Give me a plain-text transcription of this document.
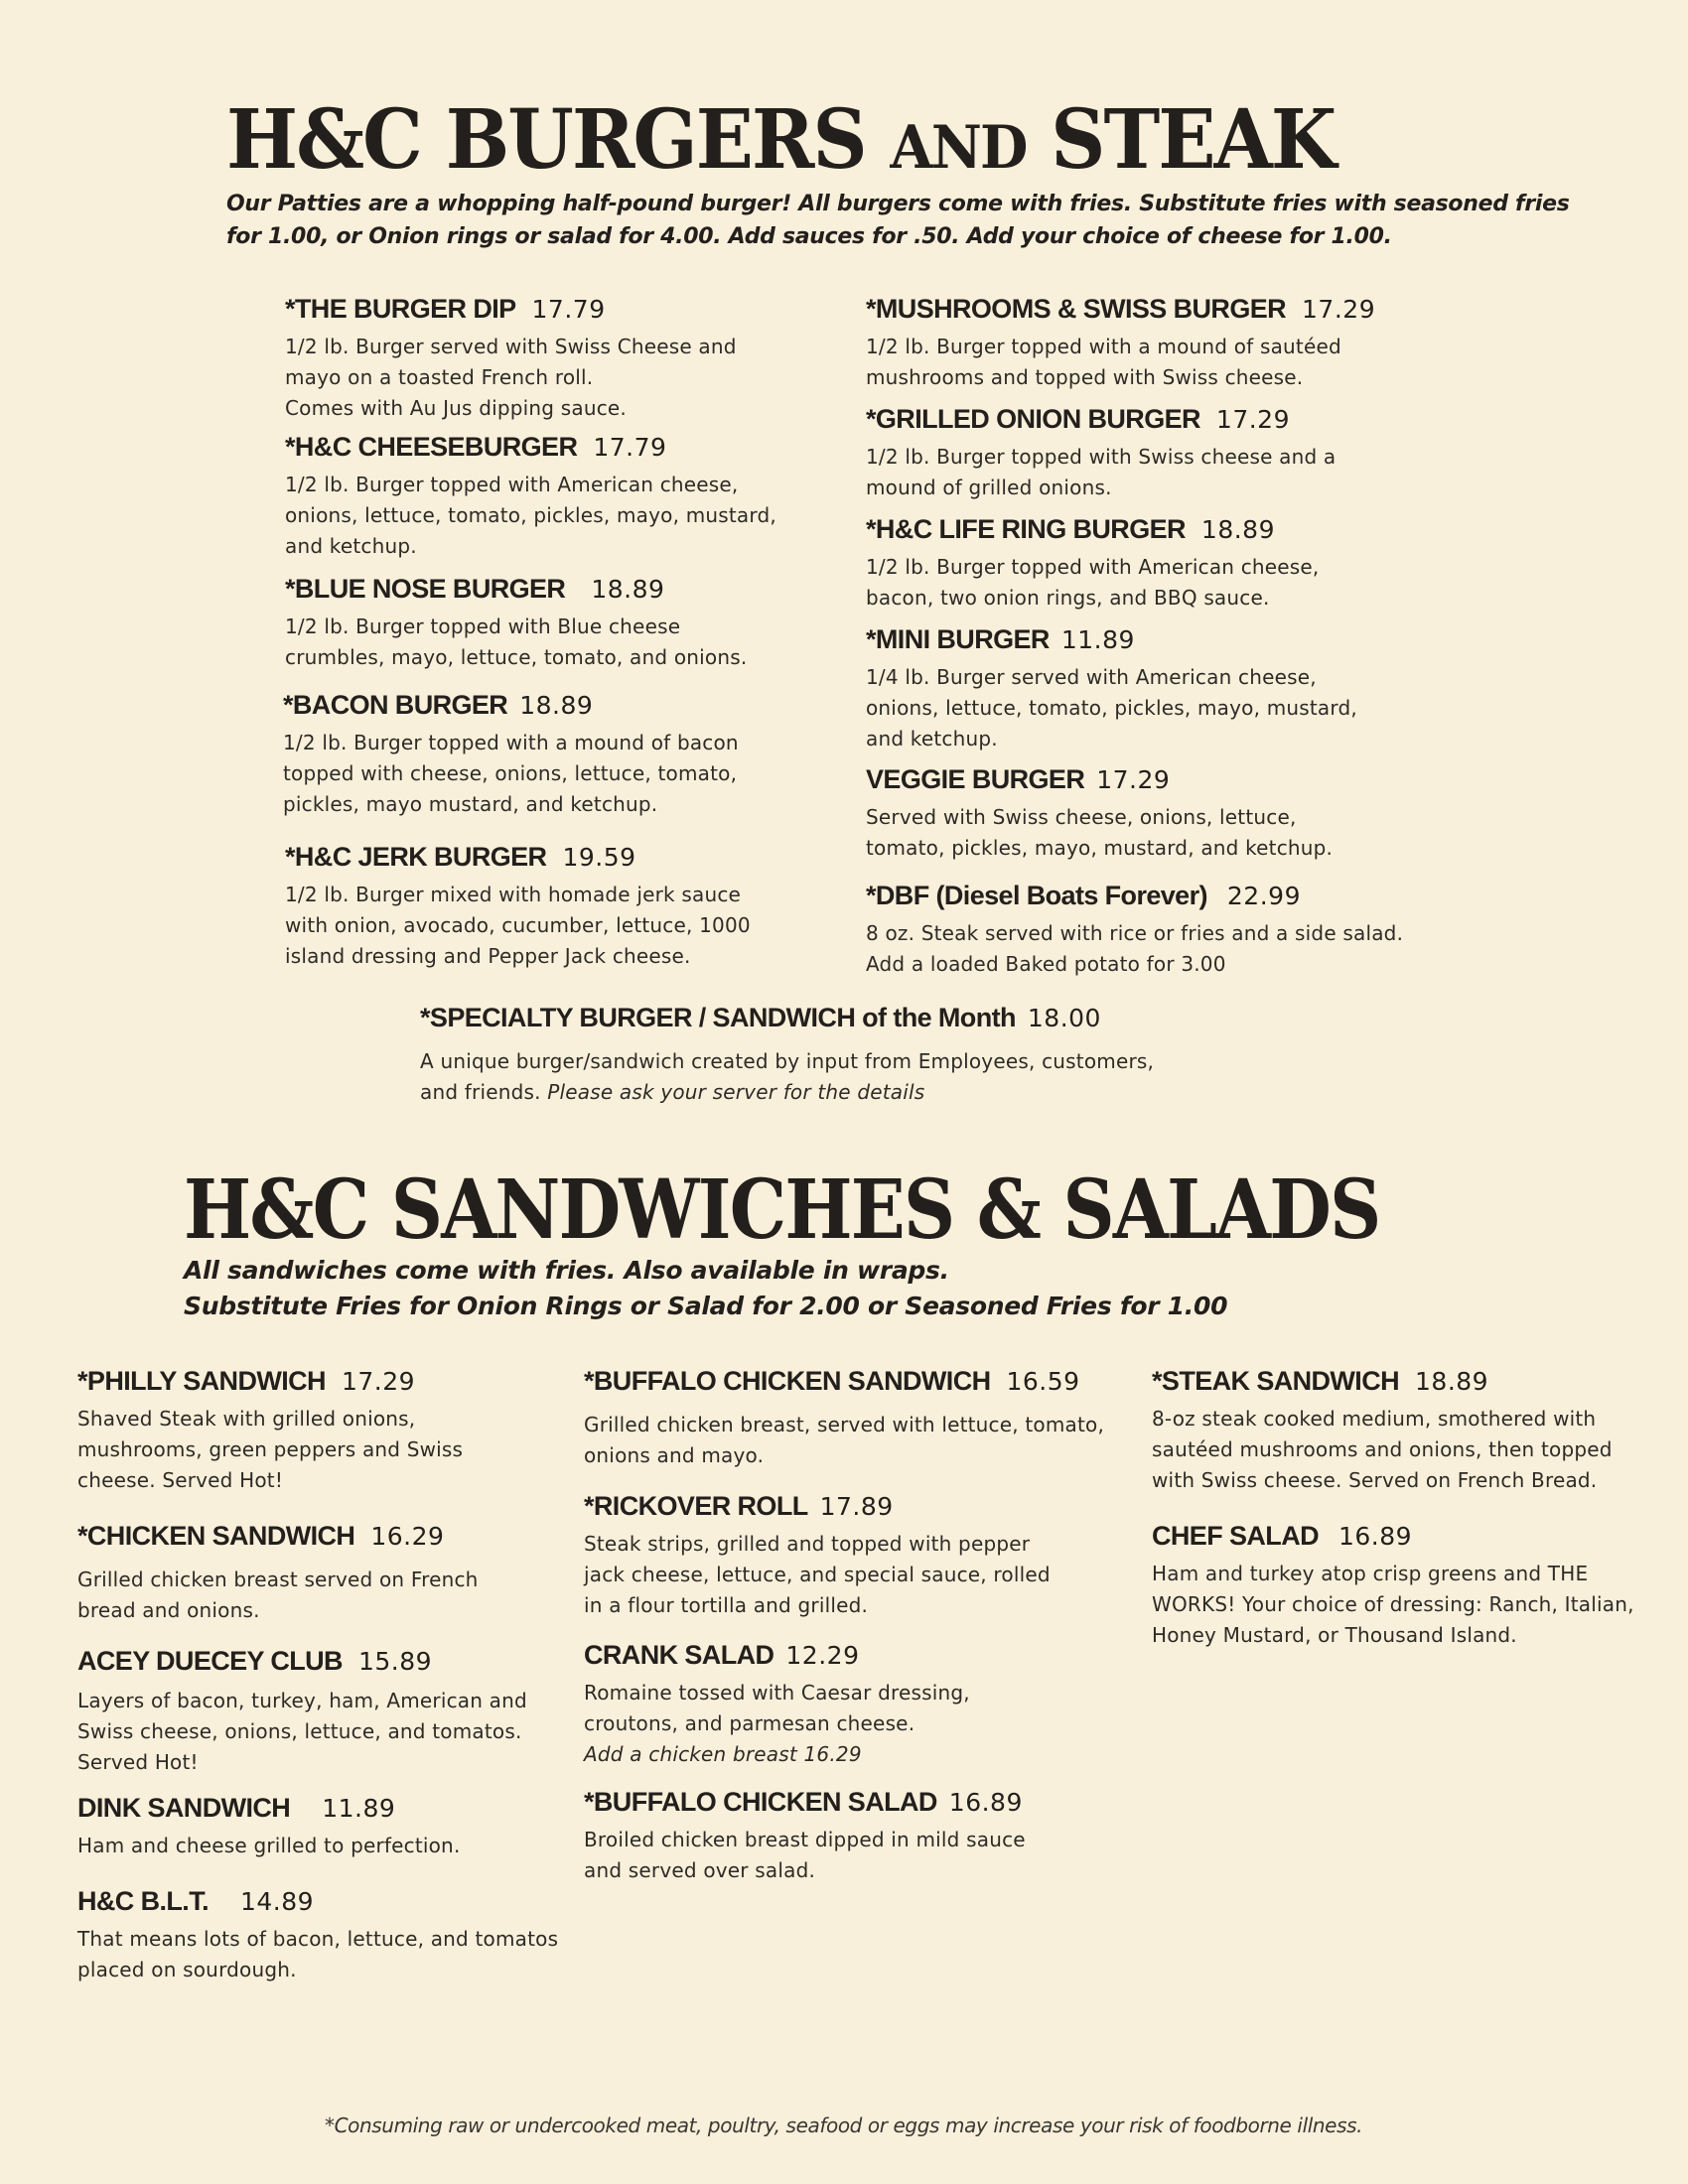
H&C BURGERS AND STEAK
Our Patties are a whopping half-pound burger! All burgers come with fries. Substitute fries with seasoned fries
for 1.00, or Onion rings or salad for 4.00. Add sauces for .50. Add your choice of cheese for 1.00.
*THE BURGER DIP 17.79
1/2 lb. Burger served with Swiss Cheese and
mayo on a toasted French roll.
Comes with Au Jus dipping sauce.
*H&C CHEESEBURGER 17.79
1/2 lb. Burger topped with American cheese,
onions, lettuce, tomato, pickles, mayo, mustard,
and ketchup.
*BLUE NOSE BURGER 18.89
1/2 lb. Burger topped with Blue cheese
crumbles, mayo, lettuce, tomato, and onions.
*BACON BURGER 18.89
1/2 lb. Burger topped with a mound of bacon
topped with cheese, onions, lettuce, tomato,
pickles, mayo mustard, and ketchup.
*H&C JERK BURGER 19.59
1/2 lb. Burger mixed with homade jerk sauce
with onion, avocado, cucumber, lettuce, 1000
island dressing and Pepper Jack cheese.
*MUSHROOMS & SWISS BURGER 17.29
1/2 lb. Burger topped with a mound of sautéed
mushrooms and topped with Swiss cheese.
*GRILLED ONION BURGER 17.29
1/2 lb. Burger topped with Swiss cheese and a
mound of grilled onions.
*H&C LIFE RING BURGER 18.89
1/2 lb. Burger topped with American cheese,
bacon, two onion rings, and BBQ sauce.
*MINI BURGER 11.89
1/4 lb. Burger served with American cheese,
onions, lettuce, tomato, pickles, mayo, mustard,
and ketchup.
VEGGIE BURGER 17.29
Served with Swiss cheese, onions, lettuce,
tomato, pickles, mayo, mustard, and ketchup.
*DBF (Diesel Boats Forever) 22.99
8 oz. Steak served with rice or fries and a side salad.
Add a loaded Baked potato for 3.00
*SPECIALTY BURGER / SANDWICH of the Month 18.00
A unique burger/sandwich created by input from Employees, customers,
and friends. Please ask your server for the details
H&C SANDWICHES & SALADS
All sandwiches come with fries. Also available in wraps.
Substitute Fries for Onion Rings or Salad for 2.00 or Seasoned Fries for 1.00
*PHILLY SANDWICH 17.29
Shaved Steak with grilled onions,
mushrooms, green peppers and Swiss
cheese. Served Hot!
*CHICKEN SANDWICH 16.29
Grilled chicken breast served on French
bread and onions.
ACEY DUECEY CLUB 15.89
Layers of bacon, turkey, ham, American and
Swiss cheese, onions, lettuce, and tomatos.
Served Hot!
DINK SANDWICH 11.89
Ham and cheese grilled to perfection.
H&C B.L.T. 14.89
That means lots of bacon, lettuce, and tomatos
placed on sourdough.
*BUFFALO CHICKEN SANDWICH 16.59
Grilled chicken breast, served with lettuce, tomato,
onions and mayo.
*RICKOVER ROLL 17.89
Steak strips, grilled and topped with pepper
jack cheese, lettuce, and special sauce, rolled
in a flour tortilla and grilled.
CRANK SALAD 12.29
Romaine tossed with Caesar dressing,
croutons, and parmesan cheese.
Add a chicken breast 16.29
*BUFFALO CHICKEN SALAD 16.89
Broiled chicken breast dipped in mild sauce
and served over salad.
*STEAK SANDWICH 18.89
8-oz steak cooked medium, smothered with
sautéed mushrooms and onions, then topped
with Swiss cheese. Served on French Bread.
CHEF SALAD 16.89
Ham and turkey atop crisp greens and THE
WORKS! Your choice of dressing: Ranch, Italian,
Honey Mustard, or Thousand Island.
*Consuming raw or undercooked meat, poultry, seafood or eggs may increase your risk of foodborne illness.
